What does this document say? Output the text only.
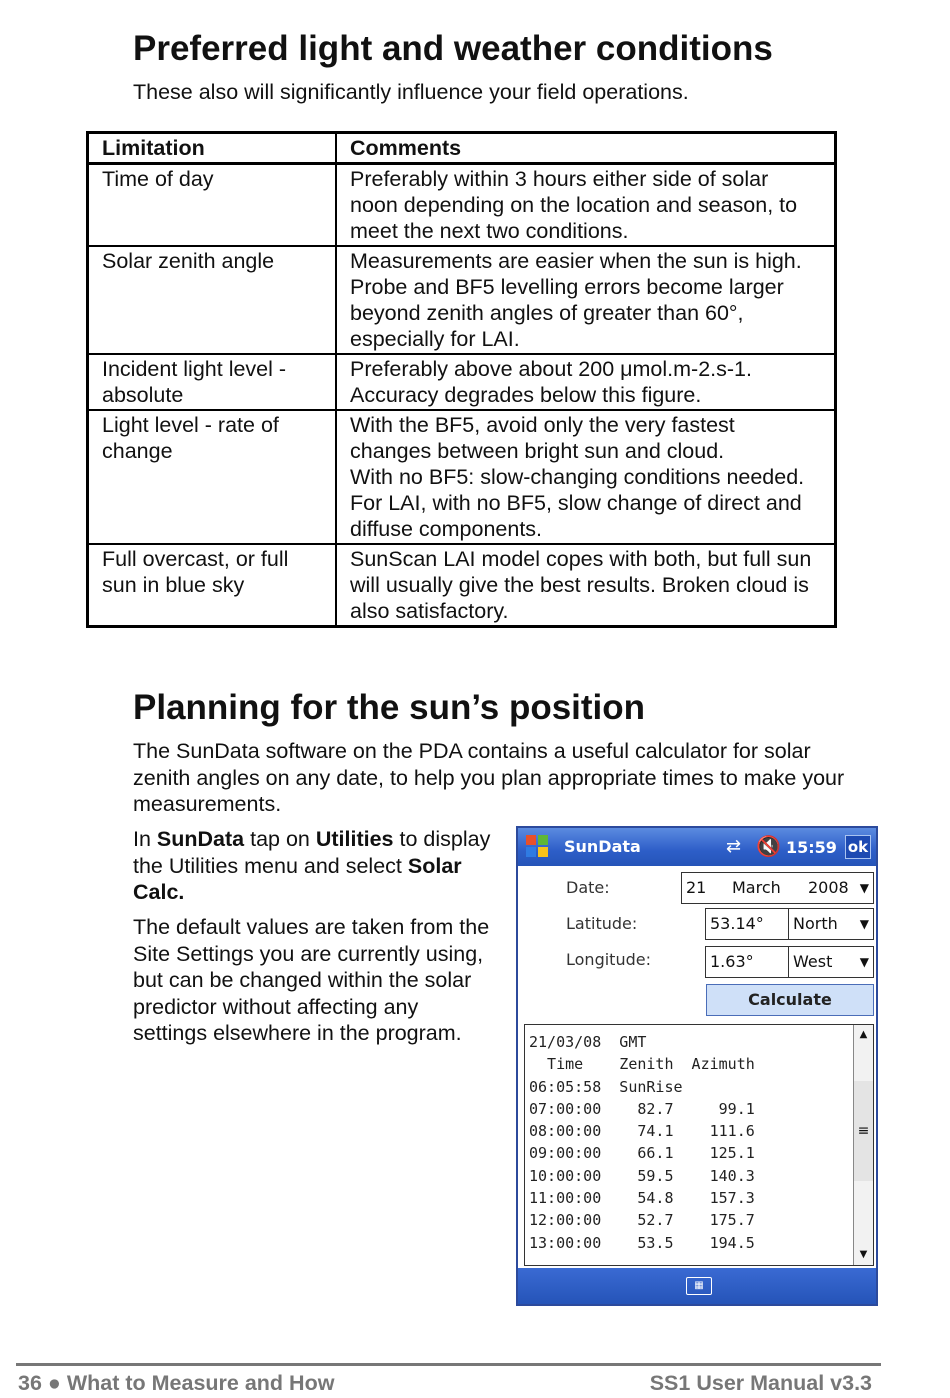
Preferred light and weather conditions

These also will significantly influence your field operations.

Limitation	Comments
Time of day	Preferably within 3 hours either side of solar noon depending on the location and season, to meet the next two conditions.
Solar zenith angle	Measurements are easier when the sun is high. Probe and BF5 levelling errors become larger beyond zenith angles of greater than 60°, especially for LAI.
Incident light level - absolute	Preferably above about 200 μmol.m-2.s-1. Accuracy degrades below this figure.
Light level - rate of change	With the BF5, avoid only the very fastest changes between bright sun and cloud.
With no BF5: slow-changing conditions needed. For LAI, with no BF5, slow change of direct and diffuse components.
Full overcast, or full sun in blue sky	SunScan LAI model copes with both, but full sun will usually give the best results. Broken cloud is also satisfactory.
Planning for the sun’s position

The SunData software on the PDA contains a useful calculator for solar zenith angles on any date, to help you plan appropriate times to make your measurements.

In SunData tap on Utilities to display the Utilities menu and select Solar Calc.

The default values are taken from the Site Settings you are currently using, but can be changed within the solar predictor without affecting any settings elsewhere in the program.

SunData	⇄ 🔇 15:59 ok
Date:	21 March 2008 ▼
Latitude:	53.14°	North ▼
Longitude:	1.63°	West ▼
Calculate
21/03/08  GMT
Time    Zenith  Azimuth
06:05:58  SunRise
07:00:00    82.7     99.1
08:00:00    74.1    111.6
09:00:00    66.1    125.1
10:00:00    59.5    140.3
11:00:00    54.8    157.3
12:00:00    52.7    175.7
13:00:00    53.5    194.5
▲
≡
▼
▦
36 ● What to Measure and How	SS1 User Manual v3.3
